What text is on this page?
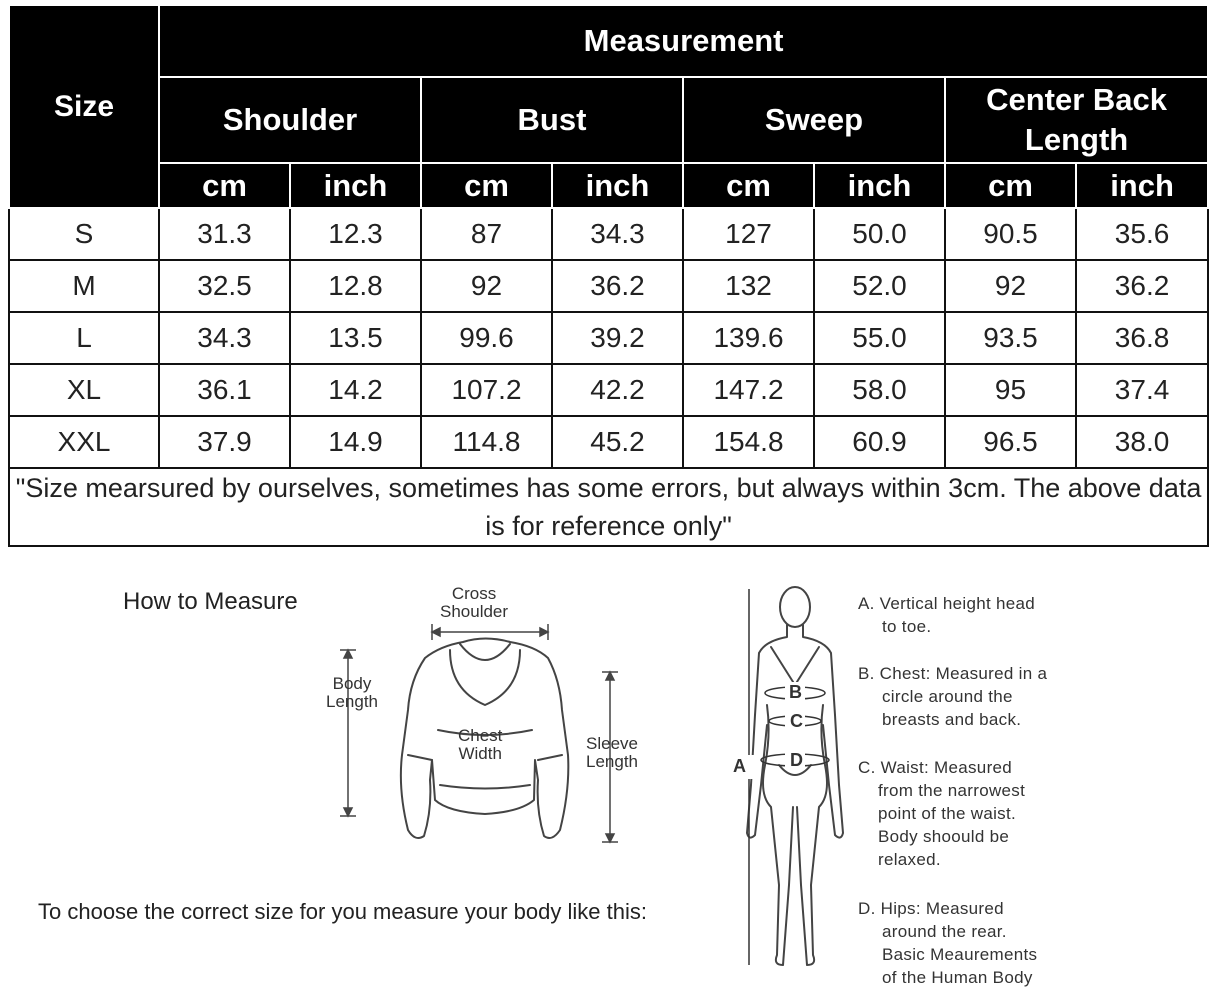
Size	Measurement							
	Shoulder		Bust		Sweep		Center Back Length	
	cm	inch	cm	inch	cm	inch	cm	inch
S	31.3	12.3	87	34.3	127	50.0	90.5	35.6
M	32.5	12.8	92	36.2	132	52.0	92	36.2
L	34.3	13.5	99.6	39.2	139.6	55.0	93.5	36.8
XL	36.1	14.2	107.2	42.2	147.2	58.0	95	37.4
XXL	37.9	14.9	114.8	45.2	154.8	60.9	96.5	38.0
"Size mearsured by ourselves, sometimes has some errors, but always within 3cm. The above data is for reference only"								
How to Measure	Cross
Shoulder
Body
Length
Chest
Width
Sleeve
Length
B
C
D
A
A. Vertical height head
to toe.
B. Chest: Measured in a
circle around the
breasts and back.
C. Waist: Measured
from the narrowest
point of the waist.
Body shoould be
relaxed.
D. Hips: Measured
around the rear.
Basic Meaurements
of the Human Body
To choose the correct size for you measure your body like this:
